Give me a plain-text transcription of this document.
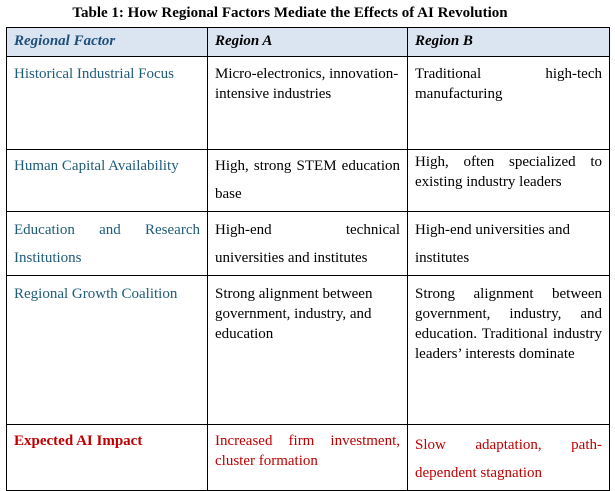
Table 1: How Regional Factors Mediate the Effects of AI Revolution
Regional Factor	Region A	Region B
Historical Industrial Focus	Micro-electronics, innovation-intensive industries	Traditional high-tech manufacturing
Human Capital Availability	High, strong STEM education base	High, often specialized to existing industry leaders
Education and Research Institutions	High-end technical universities and institutes	High-end universities and institutes
Regional Growth Coalition	Strong alignment between government, industry, and education	Strong alignment between government, industry, and education. Traditional industry leaders’ interests dominate
Expected AI Impact	Increased firm investment, cluster formation	Slow adaptation, path-dependent stagnation
